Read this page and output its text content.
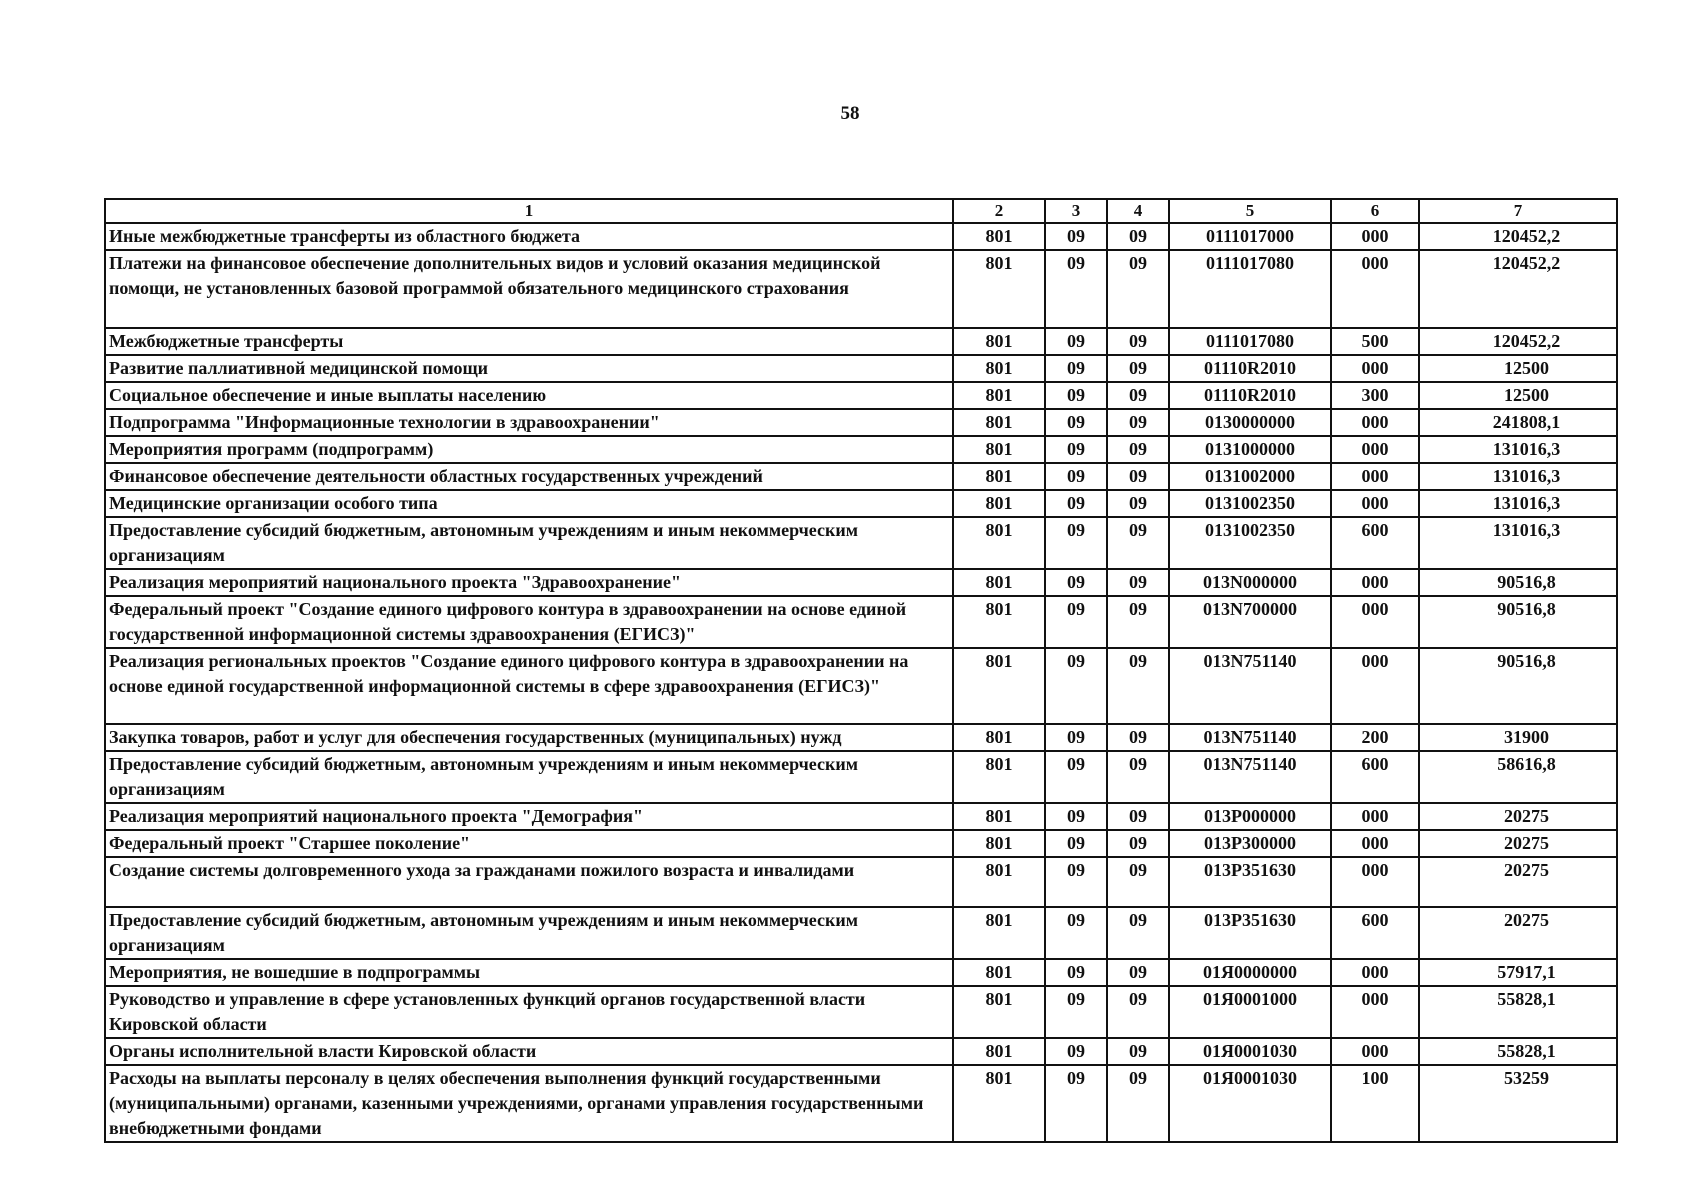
58
1	2	3	4	5	6	7
Иные межбюджетные трансферты из областного бюджета	801	09	09	0111017000	000	120452,2
Платежи на финансовое обеспечение дополнительных видов и условий оказания медицинской помощи, не установленных базовой программой обязательного медицинского страхования	801	09	09	0111017080	000	120452,2
Межбюджетные трансферты	801	09	09	0111017080	500	120452,2
Развитие паллиативной медицинской помощи	801	09	09	01110R2010	000	12500
Социальное обеспечение и иные выплаты населению	801	09	09	01110R2010	300	12500
Подпрограмма "Информационные технологии в здравоохранении"	801	09	09	0130000000	000	241808,1
Мероприятия программ (подпрограмм)	801	09	09	0131000000	000	131016,3
Финансовое обеспечение деятельности областных государственных учреждений	801	09	09	0131002000	000	131016,3
Медицинские организации особого типа	801	09	09	0131002350	000	131016,3
Предоставление субсидий бюджетным, автономным учреждениям и иным некоммерческим организациям	801	09	09	0131002350	600	131016,3
Реализация мероприятий национального проекта "Здравоохранение"	801	09	09	013N000000	000	90516,8
Федеральный проект "Создание единого цифрового контура в здравоохранении на основе единой государственной информационной системы здравоохранения (ЕГИСЗ)"	801	09	09	013N700000	000	90516,8
Реализация региональных проектов "Создание единого цифрового контура в здравоохранении на основе единой государственной информационной системы в сфере здравоохранения (ЕГИСЗ)"	801	09	09	013N751140	000	90516,8
Закупка товаров, работ и услуг для обеспечения государственных (муниципальных) нужд	801	09	09	013N751140	200	31900
Предоставление субсидий бюджетным, автономным учреждениям и иным некоммерческим организациям	801	09	09	013N751140	600	58616,8
Реализация мероприятий национального проекта "Демография"	801	09	09	013P000000	000	20275
Федеральный проект "Старшее поколение"	801	09	09	013P300000	000	20275
Создание системы долговременного ухода за гражданами пожилого возраста и инвалидами	801	09	09	013P351630	000	20275
Предоставление субсидий бюджетным, автономным учреждениям и иным некоммерческим организациям	801	09	09	013P351630	600	20275
Мероприятия, не вошедшие в подпрограммы	801	09	09	01Я0000000	000	57917,1
Руководство и управление в сфере установленных функций органов государственной власти Кировской области	801	09	09	01Я0001000	000	55828,1
Органы исполнительной власти Кировской области	801	09	09	01Я0001030	000	55828,1
Расходы на выплаты персоналу в целях обеспечения выполнения функций государственными (муниципальными) органами, казенными учреждениями, органами управления государственными внебюджетными фондами	801	09	09	01Я0001030	100	53259
